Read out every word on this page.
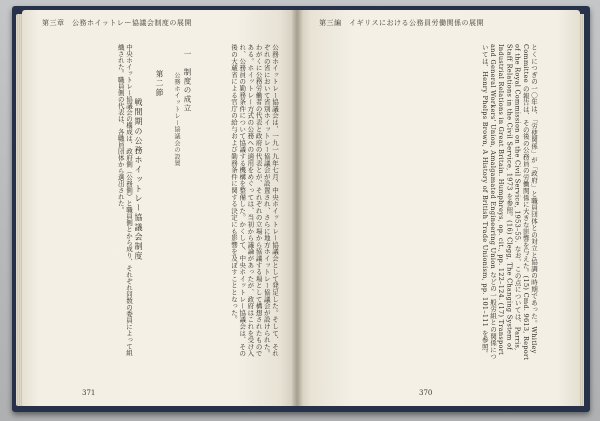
第三章　公務ホイットレー協議会制度の展開
公務ホイットレー協議会は、一九一九年七月、中央ホイットレー協議会として発足した。そして、それぞれの省において省別ホイットレー協議会が設置され、さらに地方ホイットレー協議会が設けられた。わがくに公務労働者の代表と政府の代表とが、それぞれの立場から協議する場として構想されたものである。ホイットレー方式の公務への適用をめぐっては、当初から議論があったが、政府はこれを受け入れ、公務員の勤務条件について協議する機構を整備した。かくして、中央ホイットレー協議会は、その後の大蔵省による官庁の給与および勤務条件に関する決定にも影響を及ぼすこととなった。
一　制度の成立
公務ホイットレー協議会の設置
第二節
戦間期の公務ホイットレー協議会制度
中央ホイットレー協議会の構成は、政府側（公務側）と職員側とから成り、それぞれ同数の委員によって組織された。職員側の代表は、各職員団体から選出された。
371
第三編　イギリスにおける公務員労働関係の展開
とくにつぎの一〇年は、「労使関係」が「政府」と職員団体との対立と協調の時期であった。Whitley Committee の報告は、その後の公務員の労働関係に大きな影響を与えた。(15) Cmd. 9613, Report of the Royal Commission on the Civil Service, 1953–55. なお、この点については、Parris, Staff Relations in the Civil Service, 1973 を参照。(16) Clegg, The Changing System of Industrial Relations in Great Britain. Humphreys, op. cit., pp. 122–124. (17) Transport and General Workers' Union, Amalgamated Engineering Union などの一般労組との関係については、Henry Phelps Brown, A History of British Trade Unionism, pp. 101–111 を参照。
370
